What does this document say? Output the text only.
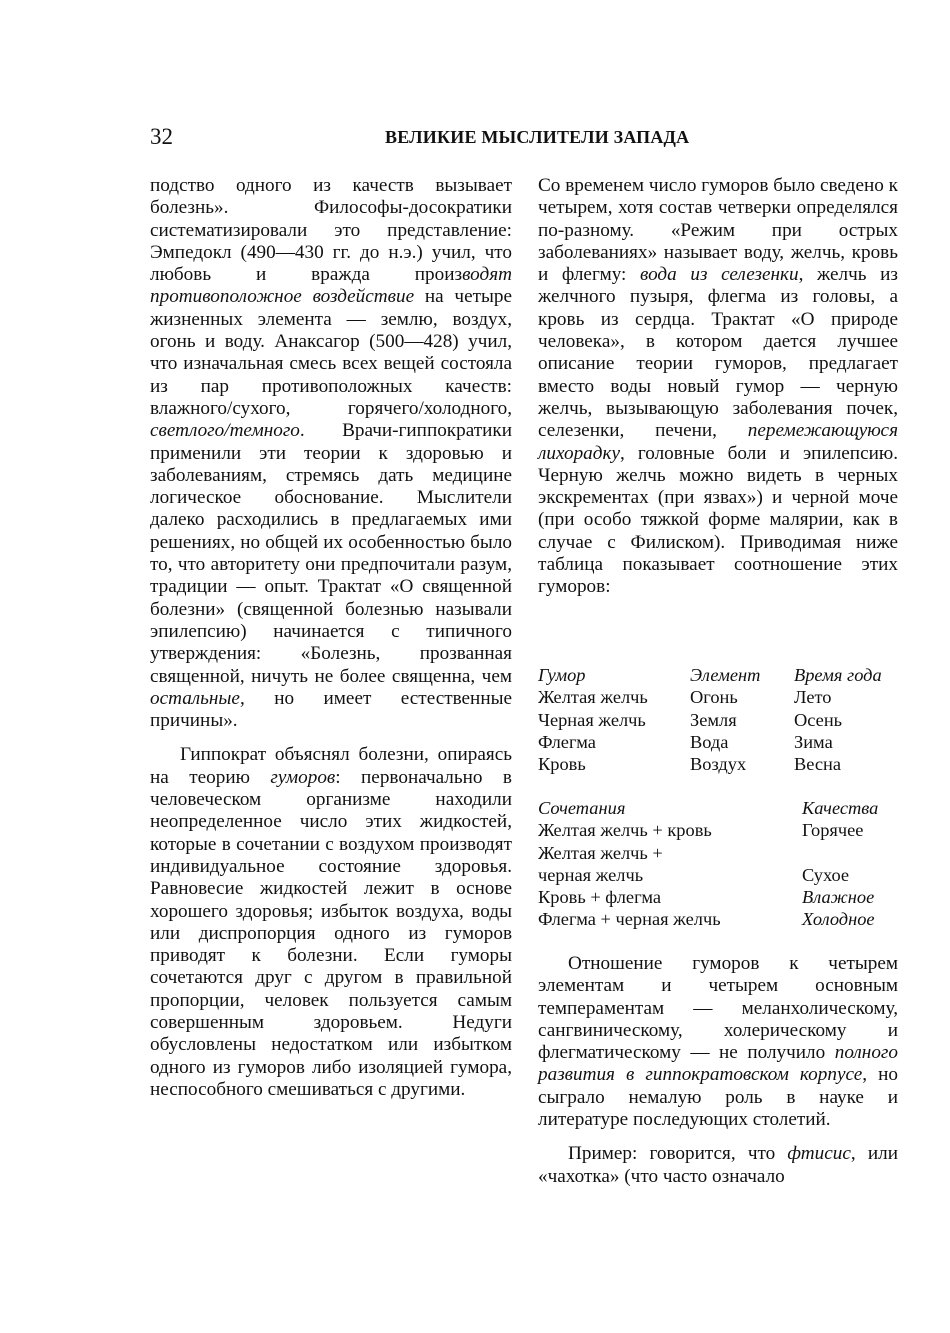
32	ВЕЛИКИЕ МЫСЛИТЕЛИ ЗАПАДА

подство одного из качеств вызывает болезнь». Философы-досократики систематизировали это представление: Эмпедокл (490—430 гг. до н.э.) учил, что любовь и вражда производят противоположное воздействие на четыре жизненных элемента — землю, воздух, огонь и воду. Анаксагор (500—428) учил, что изначальная смесь всех вещей состояла из пар противоположных качеств: влажного/сухого, горячего/холодного, светлого/темного. Врачи-гиппократики применили эти теории к здоровью и заболеваниям, стремясь дать медицине логическое обоснование. Мыслители далеко расходились в предлагаемых ими решениях, но общей их особенностью было то, что авторитету они предпочитали разум, традиции — опыт. Трактат «О священной болезни» (священной болезнью называли эпилепсию) начинается с типичного утверждения: «Болезнь, прозванная священной, ничуть не более священна, чем остальные, но имеет естественные причины».

Гиппократ объяснял болезни, опираясь на теорию гуморов: первоначально в человеческом организме находили неопределенное число этих жидкостей, которые в сочетании с воздухом производят индивидуальное состояние здоровья. Равновесие жидкостей лежит в основе хорошего здоровья; избыток воздуха, воды или диспропорция одного из гуморов приводят к болезни. Если гуморы сочетаются друг с другом в правильной пропорции, человек пользуется самым совершенным здоровьем. Недуги обусловлены недостатком или избытком одного из гуморов либо изоляцией гумора, неспособного смешиваться с другими.

Со временем число гуморов было сведено к четырем, хотя состав четверки определялся по-разному. «Режим при острых заболеваниях» называет воду, желчь, кровь и флегму: вода из селезенки, желчь из желчного пузыря, флегма из головы, а кровь из сердца. Трактат «О природе человека», в котором дается лучшее описание теории гуморов, предлагает вместо воды новый гумор — черную желчь, вызывающую заболевания почек, селезенки, печени, перемежающуюся лихорадку, головные боли и эпилепсию. Черную желчь можно видеть в черных экскрементах (при язвах») и черной моче (при особо тяжкой форме малярии, как в случае с Филиском). Приводимая ниже таблица показывает соотношение этих гуморов:

Гумор	Элемент	Время года
Желтая желчь	Огонь	Лето
Черная желчь	Земля	Осень
Флегма	Вода	Зима
Кровь	Воздух	Весна
Сочетания	Качества
Желтая желчь + кровь	Горячее
Желтая желчь +	
черная желчь	Сухое
Кровь + флегма	Влажное
Флегма + черная желчь	Холодное

Отношение гуморов к четырем элементам и четырем основным темпераментам — меланхолическому, сангвиническому, холерическому и флегматическому — не получило полного развития в гиппократовском корпусе, но сыграло немалую роль в науке и литературе последующих столетий.

Пример: говорится, что фтисис, или «чахотка» (что часто означало
